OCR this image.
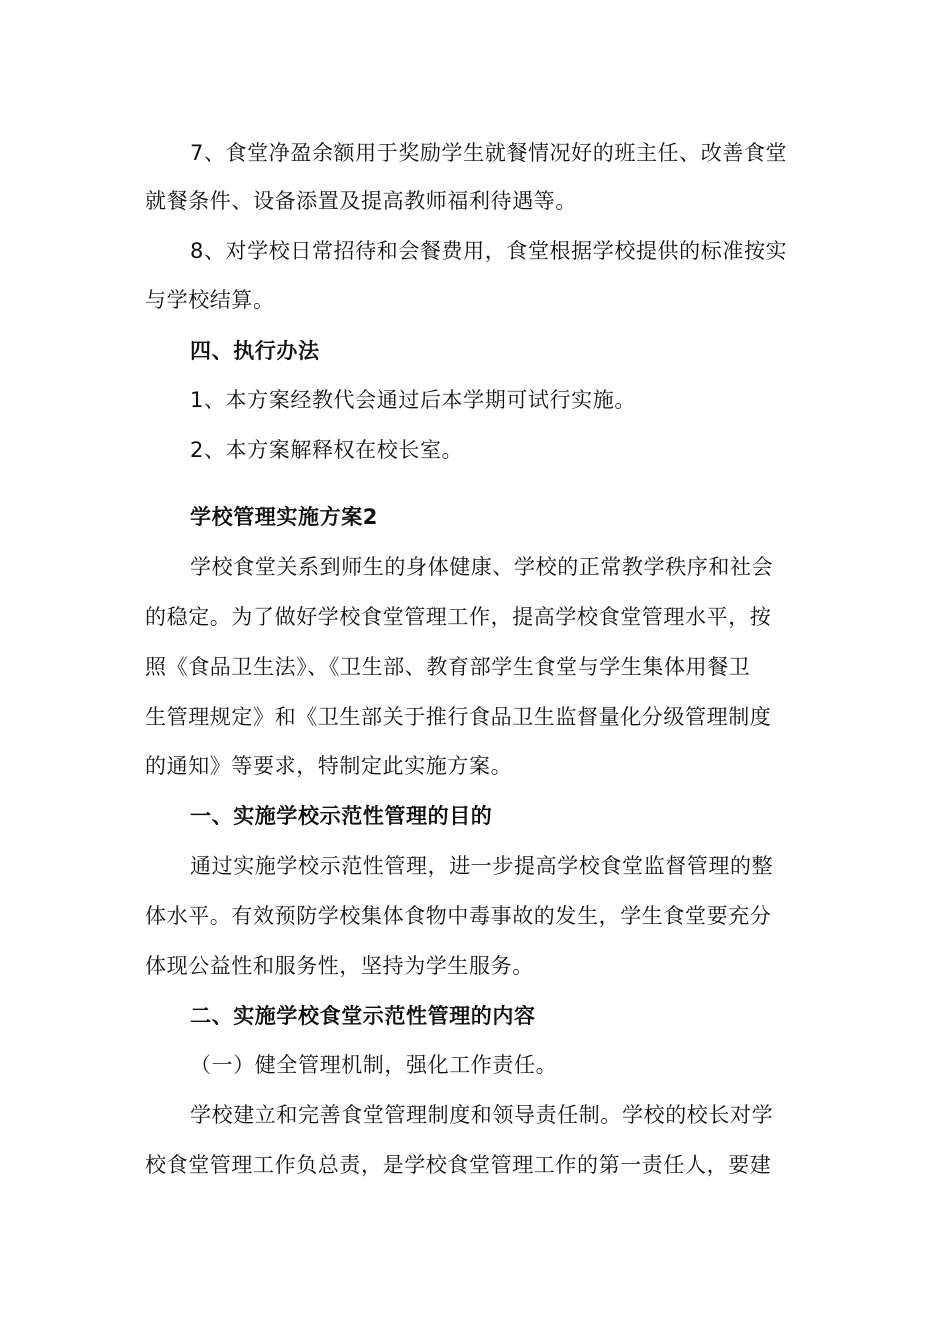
7、食堂净盈余额用于奖励学生就餐情况好的班主任、改善食堂
就餐条件、设备添置及提高教师福利待遇等。
8、对学校日常招待和会餐费用，食堂根据学校提供的标准按实
与学校结算。
四、执行办法
1、本方案经教代会通过后本学期可试行实施。
2、本方案解释权在校长室。
学校管理实施方案2
学校食堂关系到师生的身体健康、学校的正常教学秩序和社会
的稳定。为了做好学校食堂管理工作，提高学校食堂管理水平，按
照《食品卫生法》、《卫生部、教育部学生食堂与学生集体用餐卫
生管理规定》和《卫生部关于推行食品卫生监督量化分级管理制度
的通知》等要求，特制定此实施方案。
一、实施学校示范性管理的目的
通过实施学校示范性管理，进一步提高学校食堂监督管理的整
体水平。有效预防学校集体食物中毒事故的发生，学生食堂要充分
体现公益性和服务性，坚持为学生服务。
二、实施学校食堂示范性管理的内容
（一）健全管理机制，强化工作责任。
学校建立和完善食堂管理制度和领导责任制。学校的校长对学
校食堂管理工作负总责，是学校食堂管理工作的第一责任人，要建
